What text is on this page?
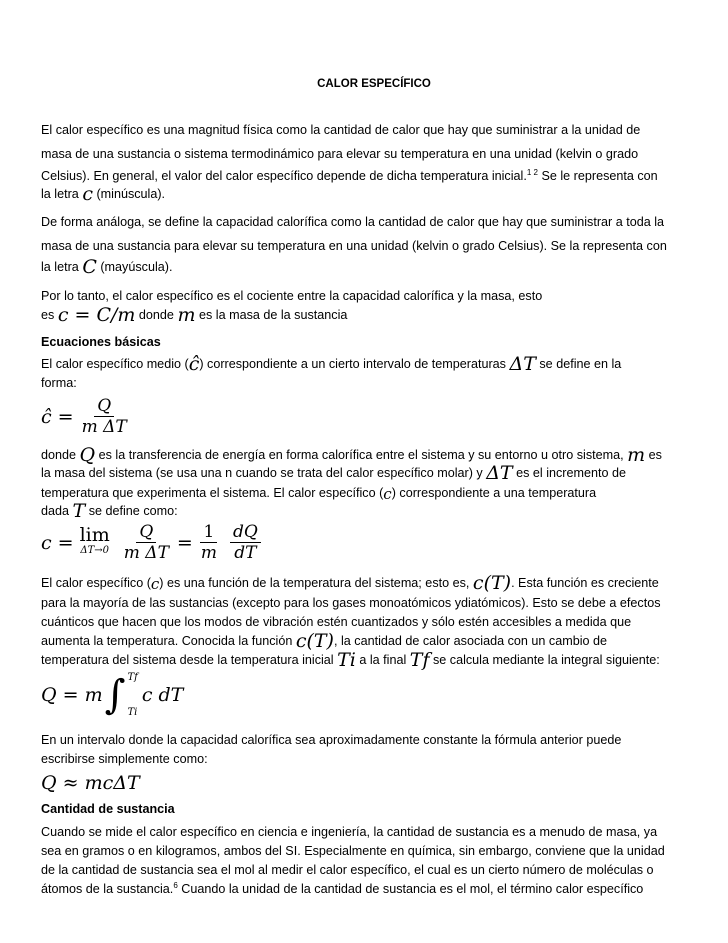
CALOR ESPECÍFICO
El calor específico es una magnitud física como la cantidad de calor que hay que suministrar a la unidad de
masa de una sustancia o sistema termodinámico para elevar su temperatura en una unidad (kelvin o grado
Celsius). En general, el valor del calor específico depende de dicha temperatura inicial.$^{1 2}$ Se le representa con
la letra c (minúscula).
De forma análoga, se define la capacidad calorífica como la cantidad de calor que hay que suministrar a toda la
masa de una sustancia para elevar su temperatura en una unidad (kelvin o grado Celsius). Se la representa con
la letra C (mayúscula).
Por lo tanto, el calor específico es el cociente entre la capacidad calorífica y la masa, esto
es c = C/m donde m es la masa de la sustancia
Ecuaciones básicas
El calor específico medio (ĉ) correspondiente a un cierto intervalo de temperaturas ΔT se define en la
forma:
ĉ = $\frac{Q}{\text{m ΔT}}$
donde Q es la transferencia de energía en forma calorífica entre el sistema y su entorno u otro sistema, m es
la masa del sistema (se usa una n cuando se trata del calor específico molar) y ΔT es el incremento de
temperatura que experimenta el sistema. El calor específico (c) correspondiente a una temperatura
dada T se define como:
c = lim
$\Delta T\to 0 \frac{Q}{\text{m ΔT}} = \frac{1}{m} \frac{dQ}{dT}$
El calor específico (c) es una función de la temperatura del sistema; esto es, c(T). Esta función es creciente
para la mayoría de las sustancias (excepto para los gases monoatómicos ydiatómicos). Esto se debe a efectos
cuánticos que hacen que los modos de vibración estén cuantizados y sólo estén accesibles a medida que
aumenta la temperatura. Conocida la función c(T), la cantidad de calor asociada con un cambio de
temperatura del sistema desde la temperatura inicial Ti a la final Tf se calcula mediante la integral siguiente:
Q = m ∫ Tf
Ti
c dT
En un intervalo donde la capacidad calorífica sea aproximadamente constante la fórmula anterior puede
escribirse simplemente como:
Q ≈ mcΔT
Cantidad de sustancia
Cuando se mide el calor específico en ciencia e ingeniería, la cantidad de sustancia es a menudo de masa, ya
sea en gramos o en kilogramos, ambos del SI. Especialmente en química, sin embargo, conviene que la unidad
de la cantidad de sustancia sea el mol al medir el calor específico, el cual es un cierto número de moléculas o
átomos de la sustancia.$^6$ Cuando la unidad de la cantidad de sustancia es el mol, el término calor específico
